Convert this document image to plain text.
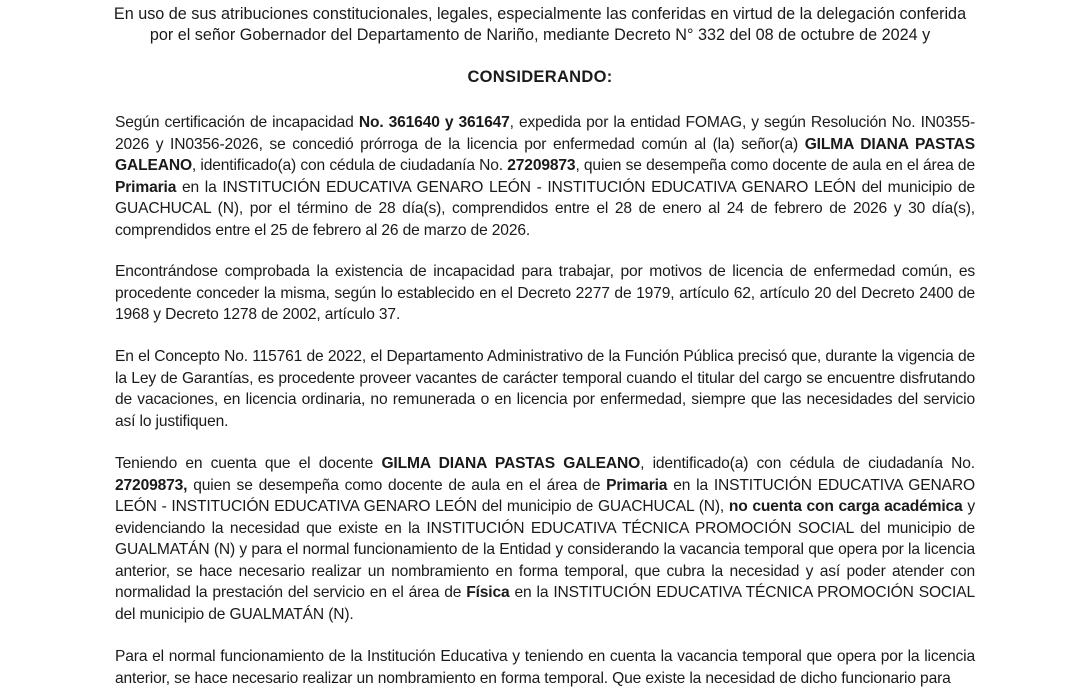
En uso de sus atribuciones constitucionales, legales, especialmente las conferidas en virtud de la delegación conferida por el señor Gobernador del Departamento de Nariño, mediante Decreto N° 332 del 08 de octubre de 2024 y

CONSIDERANDO:

Según certificación de incapacidad No. 361640 y 361647, expedida por la entidad FOMAG, y según Resolución No. IN0355-2026 y IN0356-2026, se concedió prórroga de la licencia por enfermedad común al (la) señor(a) GILMA DIANA PASTAS GALEANO, identificado(a) con cédula de ciudadanía No. 27209873, quien se desempeña como docente de aula en el área de Primaria en la INSTITUCIÓN EDUCATIVA GENARO LEÓN - INSTITUCIÓN EDUCATIVA GENARO LEÓN del municipio de GUACHUCAL (N), por el término de 28 día(s), comprendidos entre el 28 de enero al 24 de febrero de 2026 y 30 día(s), comprendidos entre el 25 de febrero al 26 de marzo de 2026.

Encontrándose comprobada la existencia de incapacidad para trabajar, por motivos de licencia de enfermedad común, es procedente conceder la misma, según lo establecido en el Decreto 2277 de 1979, artículo 62, artículo 20 del Decreto 2400 de 1968 y Decreto 1278 de 2002, artículo 37.

En el Concepto No. 115761 de 2022, el Departamento Administrativo de la Función Pública precisó que, durante la vigencia de la Ley de Garantías, es procedente proveer vacantes de carácter temporal cuando el titular del cargo se encuentre disfrutando de vacaciones, en licencia ordinaria, no remunerada o en licencia por enfermedad, siempre que las necesidades del servicio así lo justifiquen.

Teniendo en cuenta que el docente GILMA DIANA PASTAS GALEANO, identificado(a) con cédula de ciudadanía No. 27209873, quien se desempeña como docente de aula en el área de Primaria en la INSTITUCIÓN EDUCATIVA GENARO LEÓN - INSTITUCIÓN EDUCATIVA GENARO LEÓN del municipio de GUACHUCAL (N), no cuenta con carga académica y evidenciando la necesidad que existe en la INSTITUCIÓN EDUCATIVA TÉCNICA PROMOCIÓN SOCIAL del municipio de GUALMATÁN (N) y para el normal funcionamiento de la Entidad y considerando la vacancia temporal que opera por la licencia anterior, se hace necesario realizar un nombramiento en forma temporal, que cubra la necesidad y así poder atender con normalidad la prestación del servicio en el área de Física en la INSTITUCIÓN EDUCATIVA TÉCNICA PROMOCIÓN SOCIAL del municipio de GUALMATÁN (N).

Para el normal funcionamiento de la Institución Educativa y teniendo en cuenta la vacancia temporal que opera por la licencia anterior, se hace necesario realizar un nombramiento en forma temporal. Que existe la necesidad de dicho funcionario para
